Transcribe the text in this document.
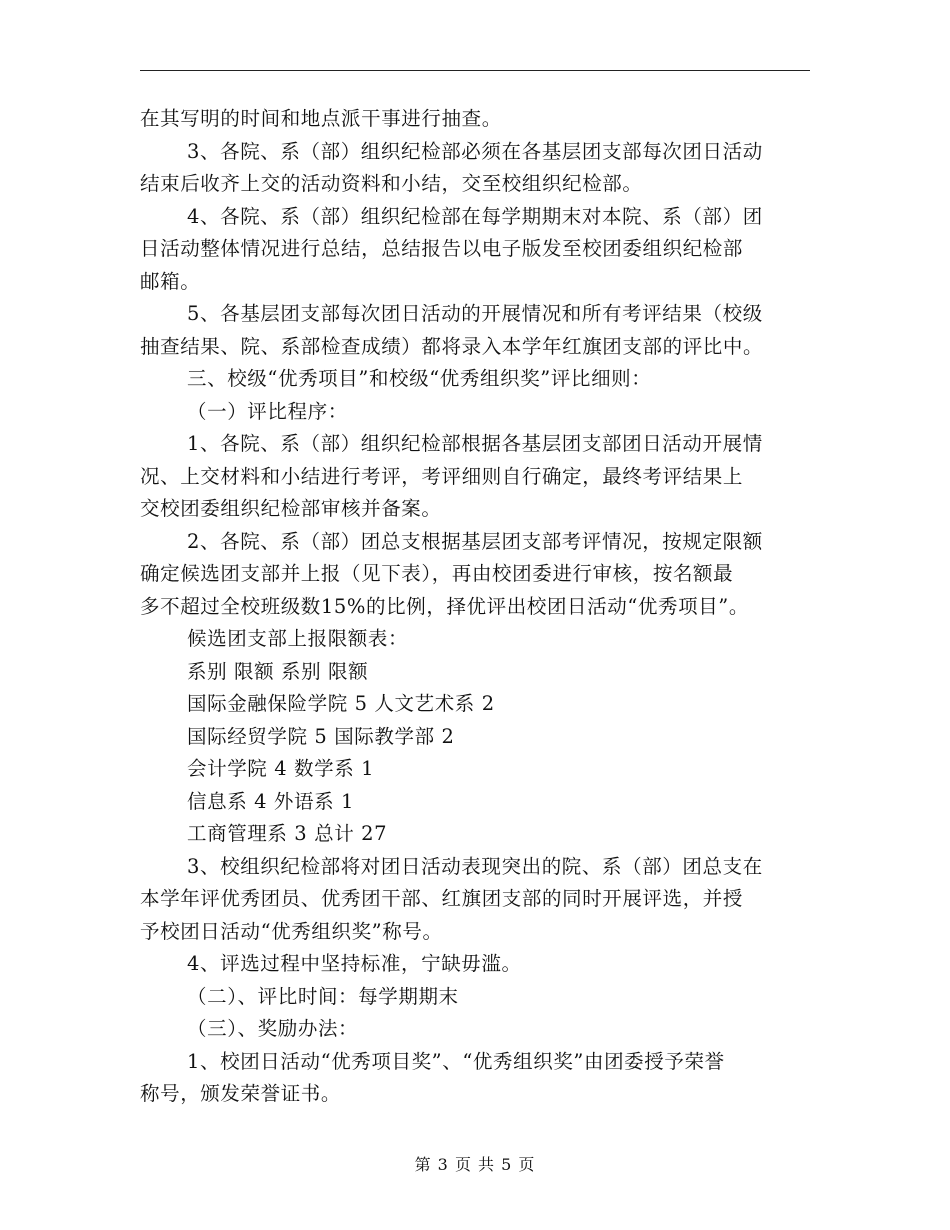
在其写明的时间和地点派干事进行抽查。
3、各院、系（部）组织纪检部必须在各基层团支部每次团日活动
结束后收齐上交的活动资料和小结，交至校组织纪检部。
4、各院、系（部）组织纪检部在每学期期末对本院、系（部）团
日活动整体情况进行总结，总结报告以电子版发至校团委组织纪检部
邮箱。
5、各基层团支部每次团日活动的开展情况和所有考评结果（校级
抽查结果、院、系部检查成绩）都将录入本学年红旗团支部的评比中。
三、校级“优秀项目”和校级“优秀组织奖”评比细则：
（一）评比程序：
1、各院、系（部）组织纪检部根据各基层团支部团日活动开展情
况、上交材料和小结进行考评，考评细则自行确定，最终考评结果上
交校团委组织纪检部审核并备案。
2、各院、系（部）团总支根据基层团支部考评情况，按规定限额
确定候选团支部并上报（见下表），再由校团委进行审核，按名额最
多不超过全校班级数15%的比例，择优评出校团日活动“优秀项目”。
候选团支部上报限额表：
系别 限额 系别 限额
国际金融保险学院 5 人文艺术系 2
国际经贸学院 5 国际教学部 2
会计学院 4 数学系 1
信息系 4 外语系 1
工商管理系 3 总计 27
3、校组织纪检部将对团日活动表现突出的院、系（部）团总支在
本学年评优秀团员、优秀团干部、红旗团支部的同时开展评选，并授
予校团日活动“优秀组织奖”称号。
4、评选过程中坚持标准，宁缺毋滥。
（二）、评比时间：每学期期末
（三）、奖励办法：
1、校团日活动“优秀项目奖”、“优秀组织奖”由团委授予荣誉
称号，颁发荣誉证书。
第 3 页 共 5 页
